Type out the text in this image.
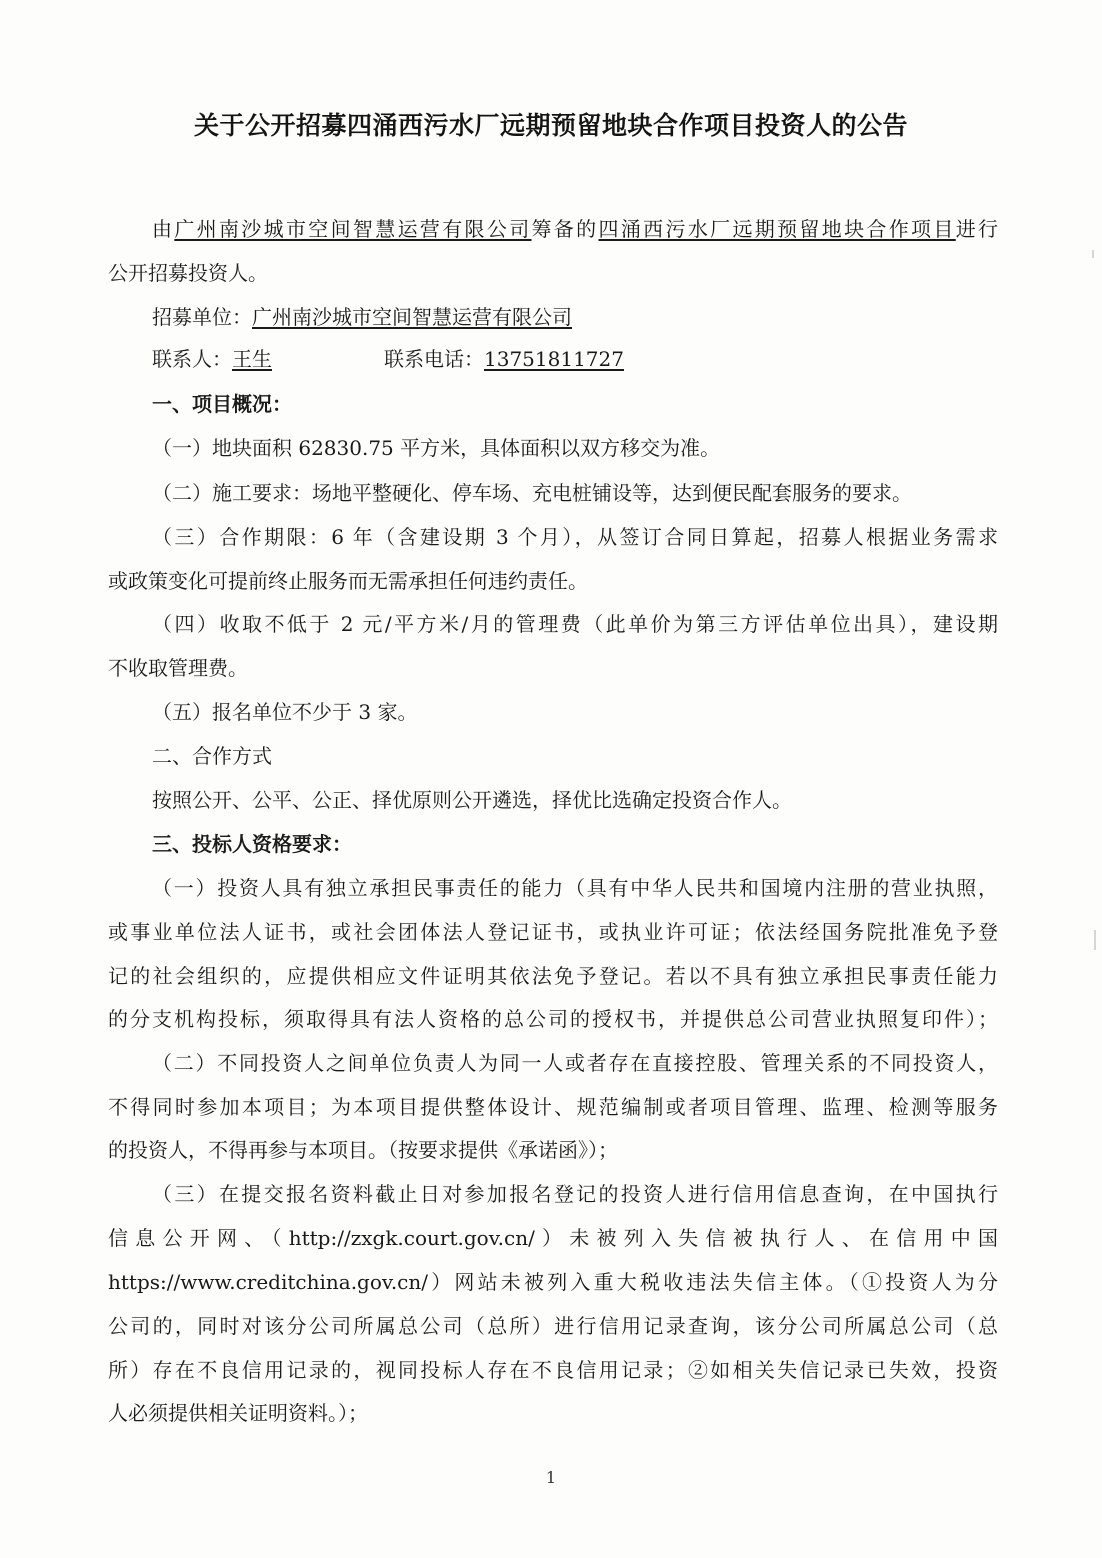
关于公开招募四涌西污水厂远期预留地块合作项目投资人的公告
由广州南沙城市空间智慧运营有限公司筹备的四涌西污水厂远期预留地块合作项目进行
公开招募投资人。
招募单位：广州南沙城市空间智慧运营有限公司
联系人：王生	联系电话：13751811727
一、项目概况：
（一）地块面积 62830.75 平方米，具体面积以双方移交为准。
（二）施工要求：场地平整硬化、停车场、充电桩铺设等，达到便民配套服务的要求。
（三）合作期限：6 年（含建设期 3 个月），从签订合同日算起，招募人根据业务需求
或政策变化可提前终止服务而无需承担任何违约责任。
（四）收取不低于 2 元/平方米/月的管理费（此单价为第三方评估单位出具），建设期
不收取管理费。
（五）报名单位不少于 3 家。
二、合作方式
按照公开、公平、公正、择优原则公开遴选，择优比选确定投资合作人。
三、投标人资格要求：
（一）投资人具有独立承担民事责任的能力（具有中华人民共和国境内注册的营业执照，
或事业单位法人证书，或社会团体法人登记证书，或执业许可证；依法经国务院批准免予登
记的社会组织的，应提供相应文件证明其依法免予登记。若以不具有独立承担民事责任能力
的分支机构投标，须取得具有法人资格的总公司的授权书，并提供总公司营业执照复印件）；
（二）不同投资人之间单位负责人为同一人或者存在直接控股、管理关系的不同投资人，
不得同时参加本项目；为本项目提供整体设计、规范编制或者项目管理、监理、检测等服务
的投资人，不得再参与本项目。（按要求提供《承诺函》）；
（三）在提交报名资料截止日对参加报名登记的投资人进行信用信息查询，在中国执行
信息公开网、（http://zxgk.court.gov.cn/）未被列入失信被执行人、在信用中国
https://www.creditchina.gov.cn/）网站未被列入重大税收违法失信主体。（①投资人为分
公司的，同时对该分公司所属总公司（总所）进行信用记录查询，该分公司所属总公司（总
所）存在不良信用记录的，视同投标人存在不良信用记录；②如相关失信记录已失效，投资
人必须提供相关证明资料。）；
1
